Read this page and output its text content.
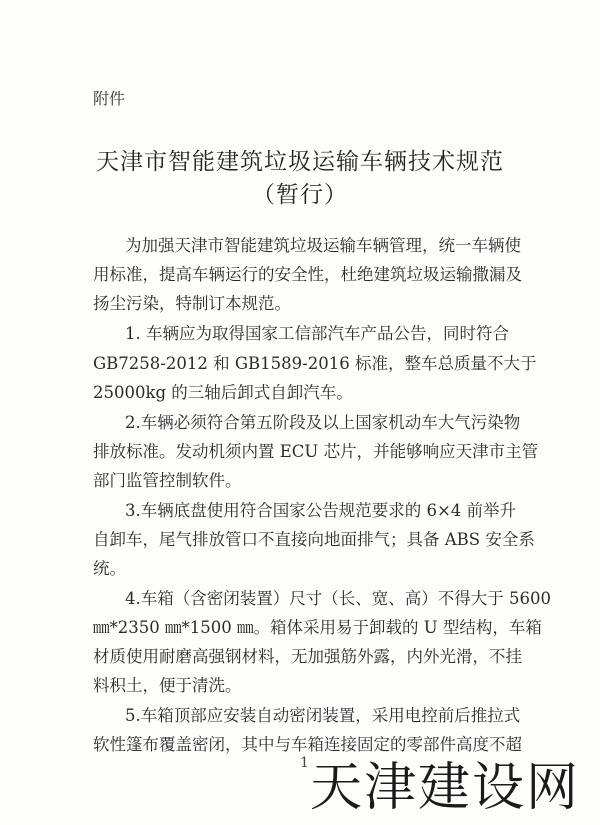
附件
天津市智能建筑垃圾运输车辆技术规范
（暂行）
为加强天津市智能建筑垃圾运输车辆管理，统一车辆使
用标准，提高车辆运行的安全性，杜绝建筑垃圾运输撒漏及
扬尘污染，特制订本规范。
1. 车辆应为取得国家工信部汽车产品公告，同时符合
GB7258-2012 和 GB1589-2016 标准，整车总质量不大于
25000kg 的三轴后卸式自卸汽车。
2.车辆必须符合第五阶段及以上国家机动车大气污染物
排放标准。发动机须内置 ECU 芯片，并能够响应天津市主管
部门监管控制软件。
3.车辆底盘使用符合国家公告规范要求的 6×4 前举升
自卸车，尾气排放管口不直接向地面排气；具备 ABS 安全系
统。
4.车箱（含密闭装置）尺寸（长、宽、高）不得大于 5600
㎜*2350 ㎜*1500 ㎜。箱体采用易于卸载的 U 型结构，车箱
材质使用耐磨高强钢材料，无加强筋外露，内外光滑，不挂
料积土，便于清洗。
5.车箱顶部应安装自动密闭装置，采用电控前后推拉式
软性篷布覆盖密闭，其中与车箱连接固定的零部件高度不超
1 天津建设网
